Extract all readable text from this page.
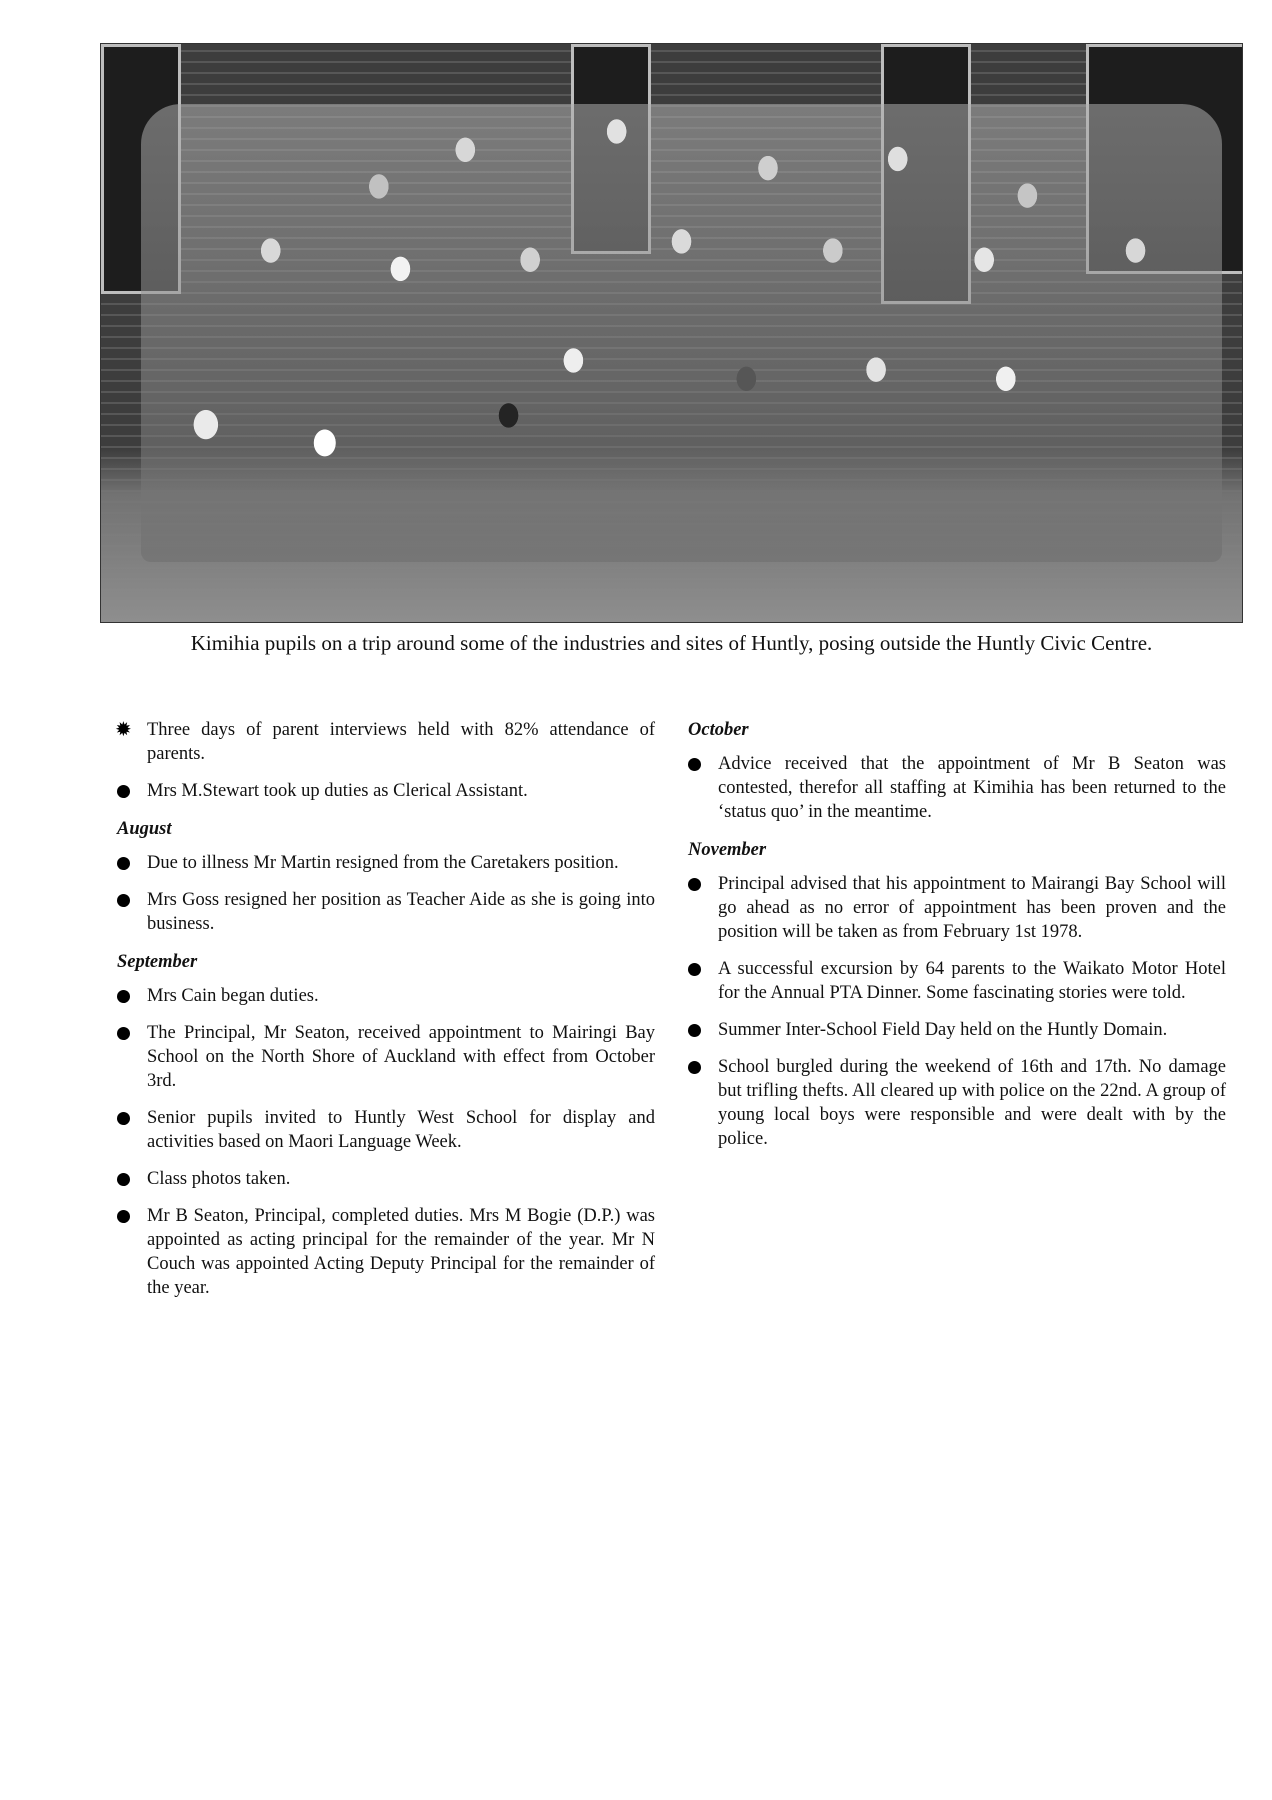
Kimihia pupils on a trip around some of the industries and sites of Huntly, posing outside the Huntly Civic Centre.
✹ Three days of parent interviews held with 82% attendance of parents.
Mrs M.Stewart took up duties as Clerical Assistant.
August
Due to illness Mr Martin resigned from the Caretakers position.
Mrs Goss resigned her position as Teacher Aide as she is going into business.
September
Mrs Cain began duties.
The Principal, Mr Seaton, received appointment to Mairingi Bay School on the North Shore of Auckland with effect from October 3rd.
Senior pupils invited to Huntly West School for display and activities based on Maori Language Week.
Class photos taken.
Mr B Seaton, Principal, completed duties. Mrs M Bogie (D.P.) was appointed as acting principal for the remainder of the year. Mr N Couch was appointed Acting Deputy Principal for the remainder of the year.
October
Advice received that the appointment of Mr B Seaton was contested, therefor all staffing at Kimihia has been returned to the ‘status quo’ in the meantime.
November
Principal advised that his appointment to Mairangi Bay School will go ahead as no error of appointment has been proven and the position will be taken as from February 1st 1978.
A successful excursion by 64 parents to the Waikato Motor Hotel for the Annual PTA Dinner. Some fascinating stories were told.
Summer Inter-School Field Day held on the Huntly Domain.
School burgled during the weekend of 16th and 17th. No damage but trifling thefts. All cleared up with police on the 22nd. A group of young local boys were responsible and were dealt with by the police.
